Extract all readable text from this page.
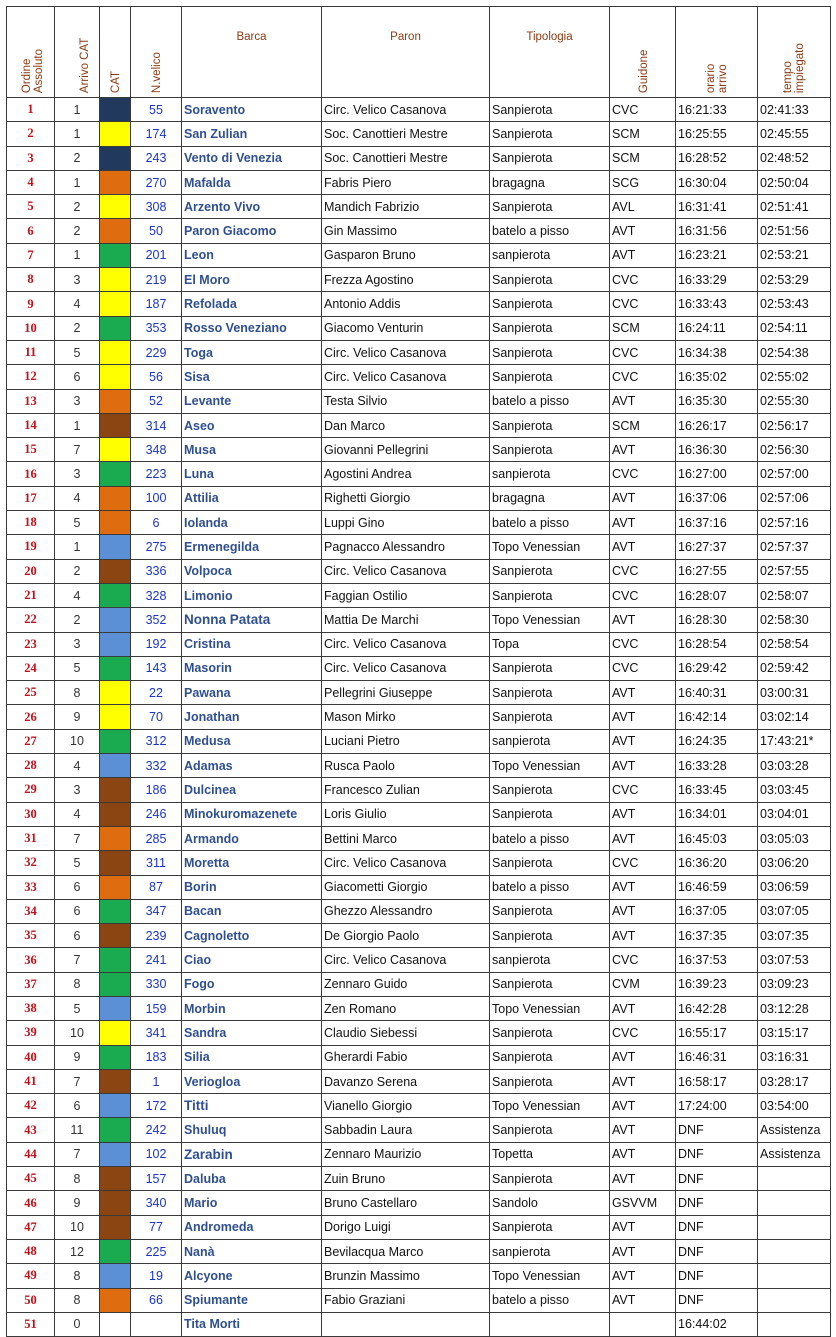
Ordine Assoluto	Arrivo CAT	CAT	N.velico	Barca	Paron	Tipologia	Guidone	orario arrivo	tempo impiegato

1	1		55	Soravento	Circ. Velico Casanova	Sanpierota	CVC	16:21:33	02:41:33
2	1		174	San Zulian	Soc. Canottieri Mestre	Sanpierota	SCM	16:25:55	02:45:55
3	2		243	Vento di Venezia	Soc. Canottieri Mestre	Sanpierota	SCM	16:28:52	02:48:52
4	1		270	Mafalda	Fabris Piero	bragagna	SCG	16:30:04	02:50:04
5	2		308	Arzento Vivo	Mandich Fabrizio	Sanpierota	AVL	16:31:41	02:51:41
6	2		50	Paron Giacomo	Gin Massimo	batelo a pisso	AVT	16:31:56	02:51:56
7	1		201	Leon	Gasparon Bruno	sanpierota	AVT	16:23:21	02:53:21
8	3		219	El Moro	Frezza Agostino	Sanpierota	CVC	16:33:29	02:53:29
9	4		187	Refolada	Antonio Addis	Sanpierota	CVC	16:33:43	02:53:43
10	2		353	Rosso Veneziano	Giacomo Venturin	Sanpierota	SCM	16:24:11	02:54:11
11	5		229	Toga	Circ. Velico Casanova	Sanpierota	CVC	16:34:38	02:54:38
12	6		56	Sisa	Circ. Velico Casanova	Sanpierota	CVC	16:35:02	02:55:02
13	3		52	Levante	Testa Silvio	batelo a pisso	AVT	16:35:30	02:55:30
14	1		314	Aseo	Dan Marco	Sanpierota	SCM	16:26:17	02:56:17
15	7		348	Musa	Giovanni Pellegrini	Sanpierota	AVT	16:36:30	02:56:30
16	3		223	Luna	Agostini Andrea	sanpierota	CVC	16:27:00	02:57:00
17	4		100	Attilia	Righetti Giorgio	bragagna	AVT	16:37:06	02:57:06
18	5		6	Iolanda	Luppi Gino	batelo a pisso	AVT	16:37:16	02:57:16
19	1		275	Ermenegilda	Pagnacco Alessandro	Topo Venessian	AVT	16:27:37	02:57:37
20	2		336	Volpoca	Circ. Velico Casanova	Sanpierota	CVC	16:27:55	02:57:55
21	4		328	Limonio	Faggian Ostilio	Sanpierota	CVC	16:28:07	02:58:07
22	2		352	Nonna Patata	Mattia De Marchi	Topo Venessian	AVT	16:28:30	02:58:30
23	3		192	Cristina	Circ. Velico Casanova	Topa	CVC	16:28:54	02:58:54
24	5		143	Masorin	Circ. Velico Casanova	Sanpierota	CVC	16:29:42	02:59:42
25	8		22	Pawana	Pellegrini Giuseppe	Sanpierota	AVT	16:40:31	03:00:31
26	9		70	Jonathan	Mason Mirko	Sanpierota	AVT	16:42:14	03:02:14
27	10		312	Medusa	Luciani Pietro	sanpierota	AVT	16:24:35	17:43:21*
28	4		332	Adamas	Rusca Paolo	Topo Venessian	AVT	16:33:28	03:03:28
29	3		186	Dulcinea	Francesco Zulian	Sanpierota	CVC	16:33:45	03:03:45
30	4		246	Minokuromazenete	Loris Giulio	Sanpierota	AVT	16:34:01	03:04:01
31	7		285	Armando	Bettini Marco	batelo a pisso	AVT	16:45:03	03:05:03
32	5		311	Moretta	Circ. Velico Casanova	Sanpierota	CVC	16:36:20	03:06:20
33	6		87	Borin	Giacometti Giorgio	batelo a pisso	AVT	16:46:59	03:06:59
34	6		347	Bacan	Ghezzo Alessandro	Sanpierota	AVT	16:37:05	03:07:05
35	6		239	Cagnoletto	De Giorgio Paolo	Sanpierota	AVT	16:37:35	03:07:35
36	7		241	Ciao	Circ. Velico Casanova	sanpierota	CVC	16:37:53	03:07:53
37	8		330	Fogo	Zennaro Guido	Sanpierota	CVM	16:39:23	03:09:23
38	5		159	Morbin	Zen Romano	Topo Venessian	AVT	16:42:28	03:12:28
39	10		341	Sandra	Claudio Siebessi	Sanpierota	CVC	16:55:17	03:15:17
40	9		183	Silia	Gherardi Fabio	Sanpierota	AVT	16:46:31	03:16:31
41	7		1	Veriogloa	Davanzo Serena	Sanpierota	AVT	16:58:17	03:28:17
42	6		172	Titti	Vianello Giorgio	Topo Venessian	AVT	17:24:00	03:54:00
43	11		242	Shuluq	Sabbadin Laura	Sanpierota	AVT	DNF	Assistenza
44	7		102	Zarabin	Zennaro Maurizio	Topetta	AVT	DNF	Assistenza
45	8		157	Daluba	Zuin Bruno	Sanpierota	AVT	DNF	
46	9		340	Mario	Bruno Castellaro	Sandolo	GSVVM	DNF	
47	10		77	Andromeda	Dorigo Luigi	Sanpierota	AVT	DNF	
48	12		225	Nanà	Bevilacqua Marco	sanpierota	AVT	DNF	
49	8		19	Alcyone	Brunzin Massimo	Topo Venessian	AVT	DNF	
50	8		66	Spiumante	Fabio Graziani	batelo a pisso	AVT	DNF	
51	0			Tita Morti				16:44:02	
